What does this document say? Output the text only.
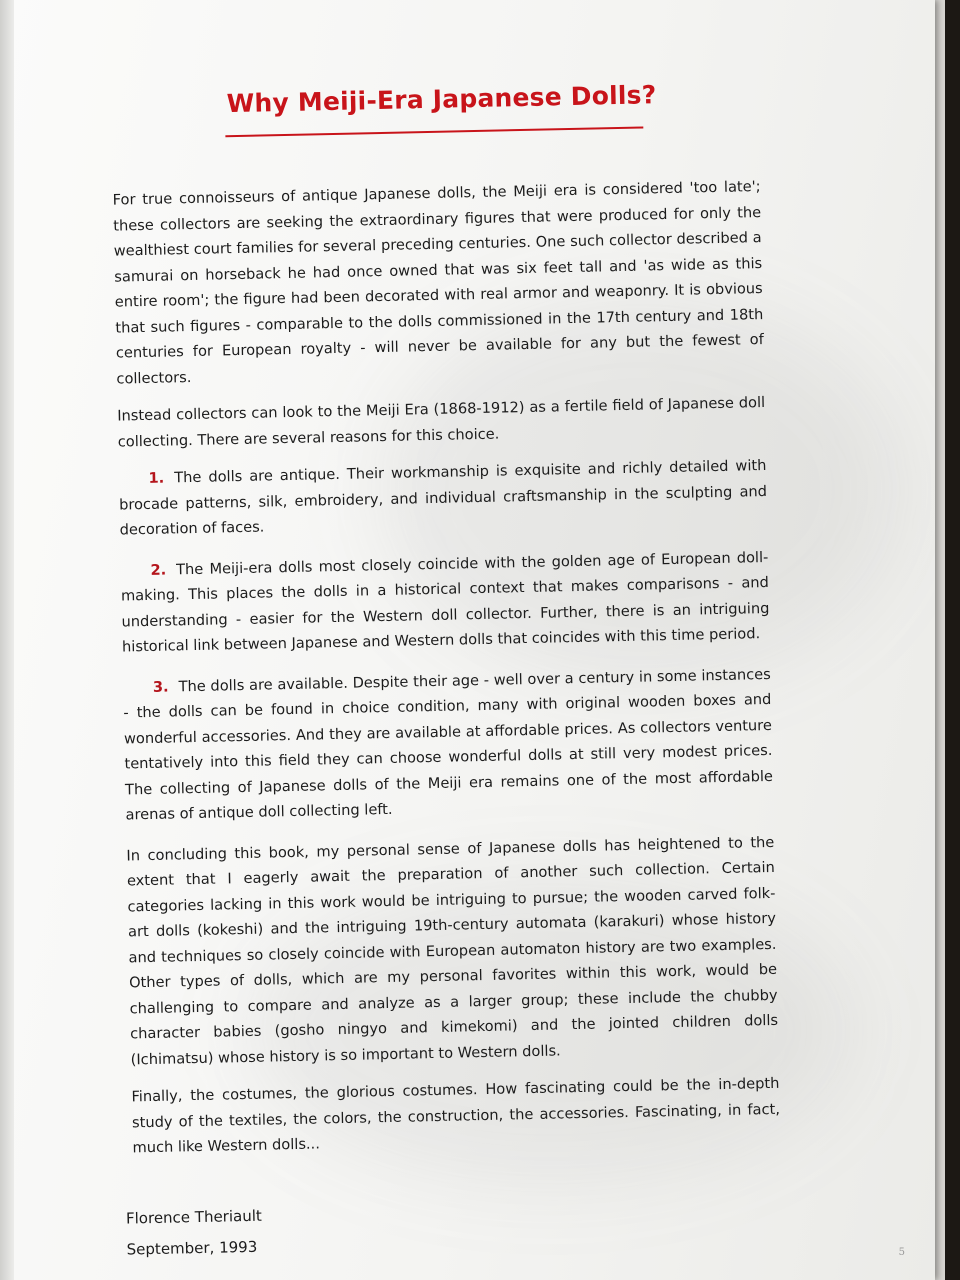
Why Meiji-Era Japanese Dolls?

For true connoisseurs of antique Japanese dolls, the Meiji era is considered 'too late'; these collectors are seeking the extraordinary figures that were produced for only the wealthiest court families for several preceding centuries. One such collector described a samurai on horseback he had once owned that was six feet tall and 'as wide as this entire room'; the figure had been decorated with real armor and weaponry. It is obvious that such figures - comparable to the dolls commissioned in the 17th century and 18th centuries for European royalty - will never be available for any but the fewest of collectors.

Instead collectors can look to the Meiji Era (1868-1912) as a fertile field of Japanese doll collecting. There are several reasons for this choice.

1. The dolls are antique. Their workmanship is exquisite and richly detailed with brocade patterns, silk, embroidery, and individual craftsmanship in the sculpting and decoration of faces.

2. The Meiji-era dolls most closely coincide with the golden age of European doll-making. This places the dolls in a historical context that makes comparisons - and understanding - easier for the Western doll collector. Further, there is an intriguing historical link between Japanese and Western dolls that coincides with this time period.

3. The dolls are available. Despite their age - well over a century in some instances - the dolls can be found in choice condition, many with original wooden boxes and wonderful accessories. And they are available at affordable prices. As collectors venture tentatively into this field they can choose wonderful dolls at still very modest prices. The collecting of Japanese dolls of the Meiji era remains one of the most affordable arenas of antique doll collecting left.

In concluding this book, my personal sense of Japanese dolls has heightened to the extent that I eagerly await the preparation of another such collection. Certain categories lacking in this work would be intriguing to pursue; the wooden carved folk-art dolls (kokeshi) and the intriguing 19th-century automata (karakuri) whose history and techniques so closely coincide with European automaton history are two examples. Other types of dolls, which are my personal favorites within this work, would be challenging to compare and analyze as a larger group; these include the chubby character babies (gosho ningyo and kimekomi) and the jointed children dolls (Ichimatsu) whose history is so important to Western dolls.

Finally, the costumes, the glorious costumes. How fascinating could be the in-depth study of the textiles, the colors, the construction, the accessories. Fascinating, in fact, much like Western dolls...

Florence Theriault
September, 1993	5
